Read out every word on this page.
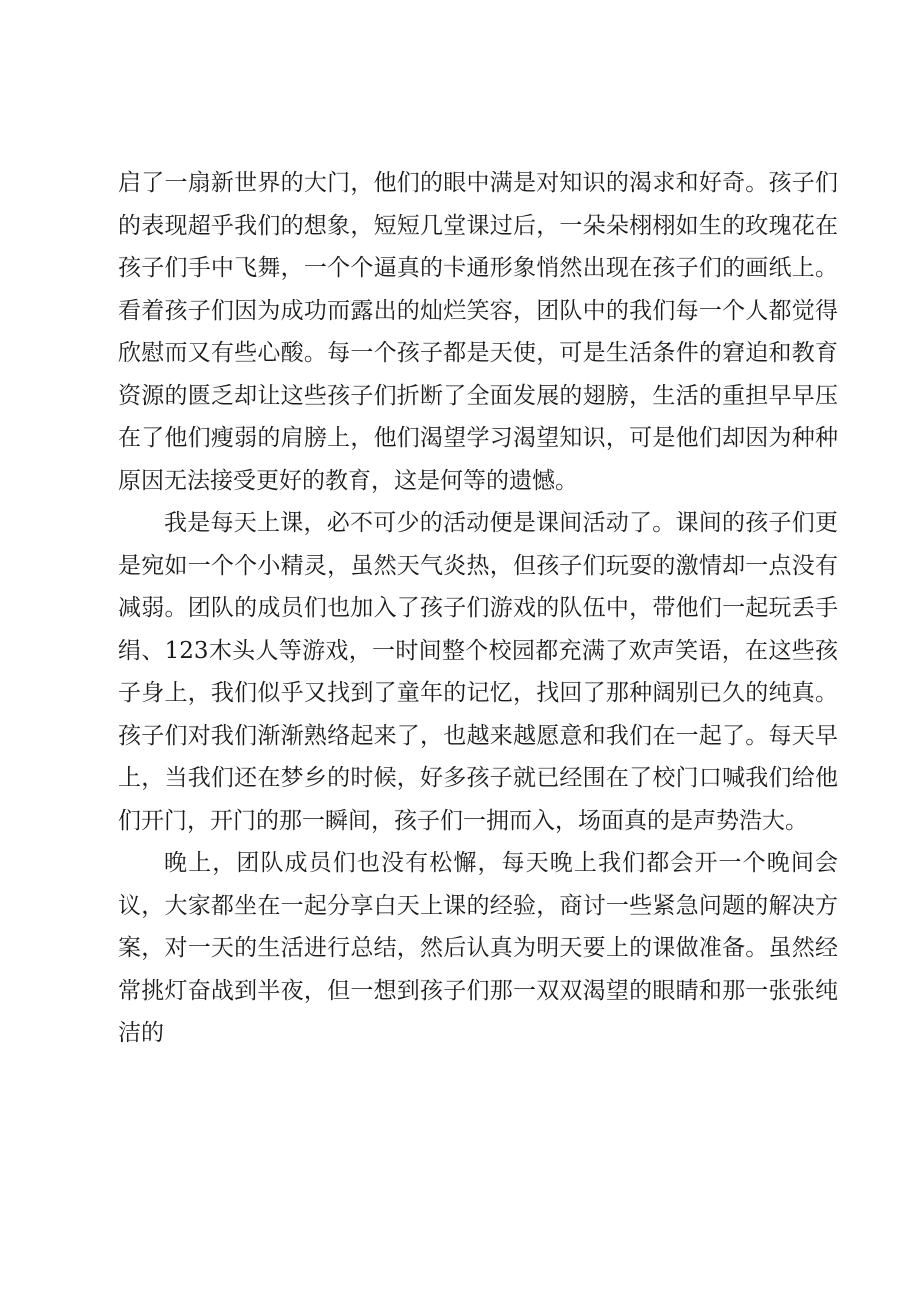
启了一扇新世界的大门，他们的眼中满是对知识的渴求和好奇。孩子们的表现超乎我们的想象，短短几堂课过后，一朵朵栩栩如生的玫瑰花在孩子们手中飞舞，一个个逼真的卡通形象悄然出现在孩子们的画纸上。看着孩子们因为成功而露出的灿烂笑容，团队中的我们每一个人都觉得欣慰而又有些心酸。每一个孩子都是天使，可是生活条件的窘迫和教育资源的匮乏却让这些孩子们折断了全面发展的翅膀，生活的重担早早压在了他们瘦弱的肩膀上，他们渴望学习渴望知识，可是他们却因为种种原因无法接受更好的教育，这是何等的遗憾。

我是每天上课，必不可少的活动便是课间活动了。课间的孩子们更是宛如一个个小精灵，虽然天气炎热，但孩子们玩耍的激情却一点没有减弱。团队的成员们也加入了孩子们游戏的队伍中，带他们一起玩丢手绢、123木头人等游戏，一时间整个校园都充满了欢声笑语，在这些孩子身上，我们似乎又找到了童年的记忆，找回了那种阔别已久的纯真。孩子们对我们渐渐熟络起来了，也越来越愿意和我们在一起了。每天早上，当我们还在梦乡的时候，好多孩子就已经围在了校门口喊我们给他们开门，开门的那一瞬间，孩子们一拥而入，场面真的是声势浩大。

晚上，团队成员们也没有松懈，每天晚上我们都会开一个晚间会议，大家都坐在一起分享白天上课的经验，商讨一些紧急问题的解决方案，对一天的生活进行总结，然后认真为明天要上的课做准备。虽然经常挑灯奋战到半夜，但一想到孩子们那一双双渴望的眼睛和那一张张纯洁的
